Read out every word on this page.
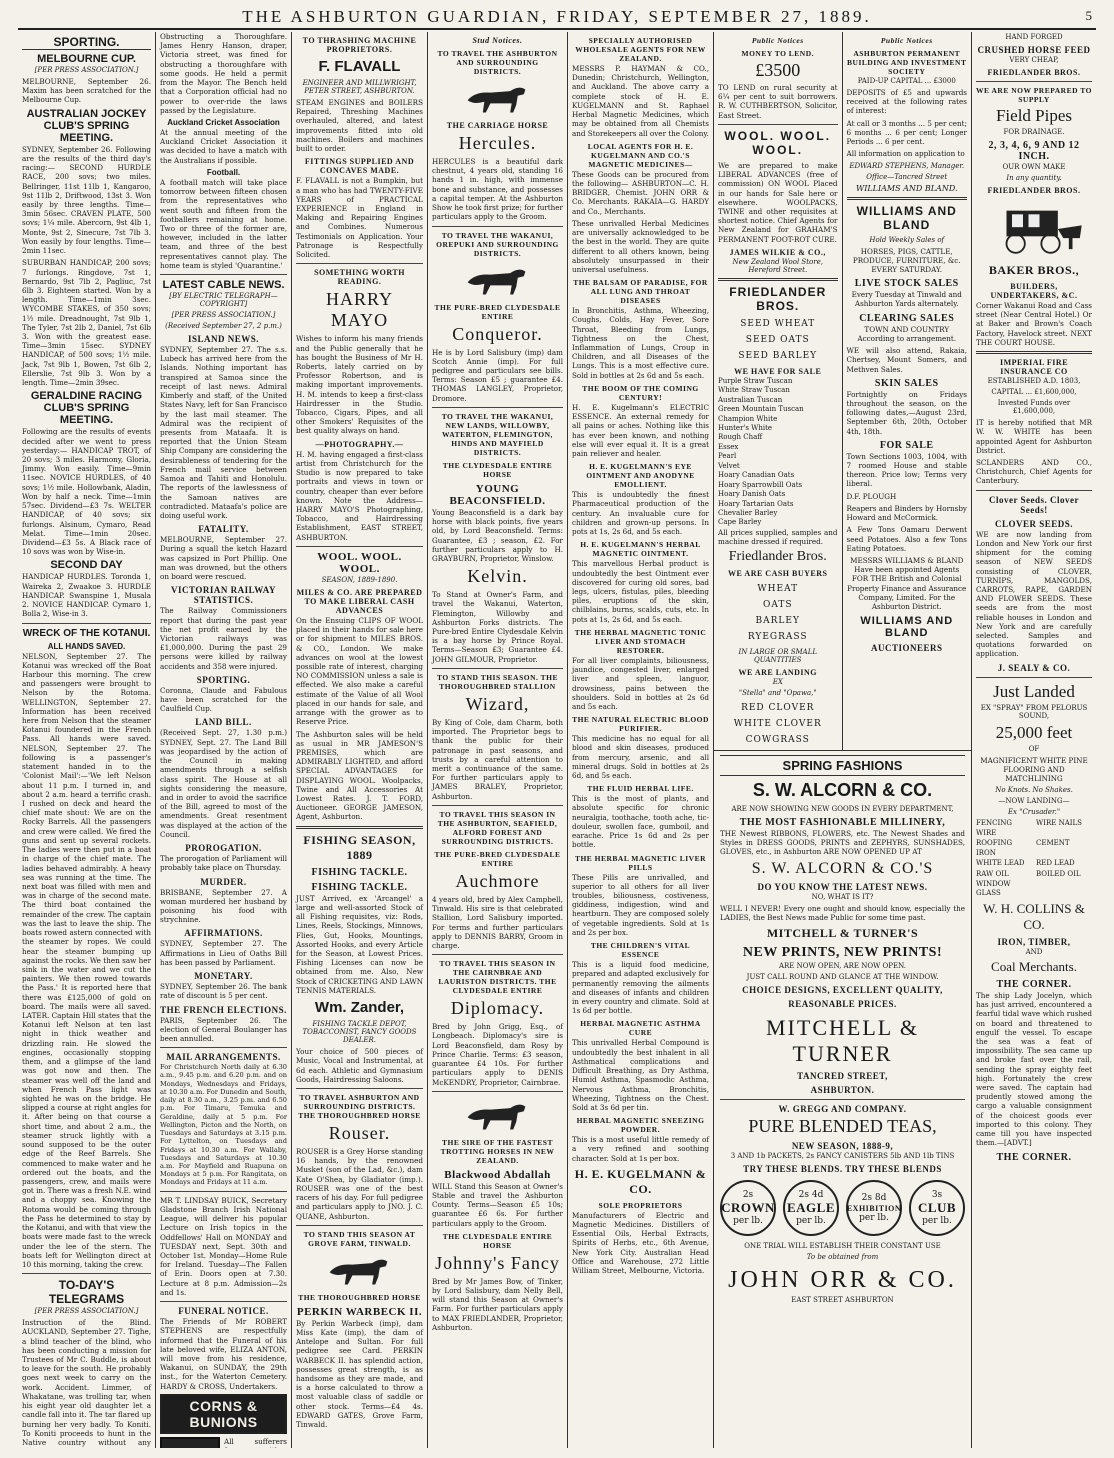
THE ASHBURTON GUARDIAN, FRIDAY, SEPTEMBER 27, 1889.	5
SPORTING.
MELBOURNE CUP.
[PER PRESS ASSOCIATION.]

MELBOURNE, September 26. Maxim has been scratched for the Melbourne Cup.

AUSTRALIAN JOCKEY CLUB'S SPRING MEETING.

SYDNEY, September 26. Following are the results of the third day's racing:— SECOND HURDLE RACE, 200 sovs; two miles. Bellringer, 11st 11lb 1, Kangaroo, 9st 11lb 2, Driftwood, 13st 3. Won easily by three lengths. Time—3min 56sec. CRAVEN PLATE, 500 sovs; 1¼ mile. Abercorn, 9st 4lb 1, Monte, 9st 2, Sinecure, 7st 7lb 3. Won easily by four lengths. Time—2min 11sec.

SUBURBAN HANDICAP, 200 sovs; 7 furlongs. Ringdove, 7st 1, Bernardo, 9st 7lb 2, Pagliuc, 7st 6lb 3. Eighteen started. Won by a length. Time—1min 3sec. WYCOMBE STAKES, of 350 sovs; 1½ mile. Dreadnought, 7st 9lb 1, The Tyler, 7st 2lb 2, Daniel, 7st 6lb 3. Won with the greatest ease. Time—3min 15sec. SYDNEY HANDICAP, of 500 sovs; 1½ mile. Jack, 7st 9lb 1, Bowen, 7st 6lb 2, Ellerslie, 7st 9lb 3. Won by a length. Time—2min 39sec.

GERALDINE RACING CLUB'S SPRING MEETING.

Following are the results of events decided after we went to press yesterday:— HANDICAP TROT, of 20 sovs; 3 miles. Harmony, Gloria, Jimmy. Won easily. Time—9min 11sec. NOVICE HURDLES, of 40 sovs; 1½ mile. Hollowbank, Aladin, Won by half a neck. Time—1min 57sec. Dividend—£3 7s. WELTER HANDICAP, of 40 sovs; six furlongs. Alsinum, Cymaro, Read Melat. Time—1min 20sec. Dividend—£3 5s. A Black race of 10 sovs was won by Wise-in.

SECOND DAY

HANDICAP HURDLES. Toronda 1, Waireka 2, Zwaakoe 3. HURDLE HANDICAP. Swanspine 1, Musala 2. NOVICE HANDICAP. Cymaro 1, Bolla 2, Wise-in 3.

WRECK OF THE KOTANUI.
ALL HANDS SAVED.

NELSON, September 27. The Kotanui was wrecked off the Boat Harbour this morning. The crew and passengers were brought to Nelson by the Rotoma. WELLINGTON, September 27. Information has been received here from Nelson that the steamer Kotanui foundered in the French Pass. All hands were saved. NELSON, September 27. The following is a passenger's statement handed in to the 'Colonist Mail':—'We left Nelson about 11 p.m. I turned in, and about 2 a.m. heard a terrific crash. I rushed on deck and heard the chief mate shout: We are on the Rocky Barrels. All the passengers and crew were called. We fired the guns and sent up several rockets. The ladies were then put in a boat in charge of the chief mate. The ladies behaved admirably. A heavy sea was running at the time. The next boat was filled with men and was in charge of the second mate. The third boat contained the remainder of the crew. The captain was the last to leave the ship. The boats rowed astern connected with the steamer by ropes. We could hear the steamer bumping up against the rocks. We then saw her sink in the water and we cut the painters. We then rowed towards the Pass.' It is reported here that there was £125,000 of gold on board. The mails were all saved. LATER. Captain Hill states that the Kotanui left Nelson at ten last night in thick weather and drizzling rain. He slowed the engines, occasionally stopping them, and a glimpse of the land was got now and then. The steamer was well off the land and when French Pass light was sighted he was on the bridge. He slipped a course at right angles for it. After being on that course a short time, and about 2 a.m., the steamer struck lightly with a sound supposed to be the outer edge of the Reef Barrels. She commenced to make water and he ordered out the boats, and the passengers, crew, and mails were got in. There was a fresh N.E. wind and a choppy sea. Knowing the Rotoma would be coming through the Pass he determined to stay by the Kotanui, and with that view the boats were made fast to the wreck under the lee of the stern. The boats left for Wellington direct at 10 this morning, taking the crew.

TO-DAY'S TELEGRAMS
[PER PRESS ASSOCIATION.]

Instruction of the Blind. AUCKLAND, September 27. Tighe, a blind teacher of the blind, who has been conducting a mission for Trustees of Mr C. Buddle, is about to leave for the south. He probably goes next week to carry on the work. Accident. Limmer, of Whakatane, was trolling tar, when his eight year old daughter let a candle fall into it. The tar flared up burning her very badly. To Koniti. To Koniti proceeds to hunt in the Native country without any

Obstructing a Thoroughfare. James Henry Hanson, draper, Victoria street, was fined for obstructing a thoroughfare with some goods. He held a permit from the Mayor. The Bench held that a Corporation official had no power to over-ride the laws passed by the Legislature.

Auckland Cricket Association

At the annual meeting of the Auckland Cricket Association it was decided to have a match with the Australians if possible.

Football.

A football match will take place tomorrow between fifteen chosen from the representatives who went south and fifteen from the footballers remaining at home. Two or three of the former are, however, included in the latter team, and three of the best representatives cannot play. The home team is styled 'Quarantine.'

LATEST CABLE NEWS.
[BY ELECTRIC TELEGRAPH—COPYRIGHT]
[PER PRESS ASSOCIATION.]
(Received September 27, 2 p.m.)
ISLAND NEWS.

SYDNEY, September 27. The s.s. Lubeck has arrived here from the Islands. Nothing important has transpired at Samoa since the receipt of last news. Admiral Kimberly and staff, of the United States Navy, left for San Francisco by the last mail steamer. The Admiral was the recipient of presents from Mataafa. It is reported that the Union Steam Ship Company are considering the desirableness of tendering for the French mail service between Samoa and Tahiti and Honolulu. The reports of the lawlessness of the Samoan natives are contradicted. Mataafa's police are doing useful work.

FATALITY.

MELBOURNE, September 27. During a squall the ketch Hazard was capsized in Port Phillip. One man was drowned, but the others on board were rescued.

VICTORIAN RAILWAY STATISTICS.

The Railway Commissioners report that during the past year the net profit earned by the Victorian railways was £1,000,000. During the past 29 persons were killed by railway accidents and 358 were injured.

SPORTING.

Coronna, Claude and Fabulous have been scratched for the Caulfield Cup.

LAND BILL.

(Received Sept. 27, 1.30 p.m.) SYDNEY, Sept. 27. The Land Bill was jeopardised by the action of the Council in making amendments through a selfish class spirit. The House at all sights considering the measure, and in order to avoid the sacrifice of the Bill, agreed to most of the amendments. Great resentment was displayed at the action of the Council.

PROROGATION.

The prorogation of Parliament will probably take place on Thursday.

MURDER.

BRISBANE, September 27. A woman murdered her husband by poisoning his food with strychnine.

AFFIRMATIONS.

SYDNEY, September 27. The Affirmations in Lieu of Oaths Bill has been passed by Parliament.

MONETARY.

SYDNEY, September 26. The bank rate of discount is 5 per cent.

THE FRENCH ELECTIONS.

PARIS, September 26. The election of General Boulanger has been annulled.

MAIL ARRANGEMENTS.

For Christchurch North daily at 6.30 a.m., 9.45 p.m. and 6.20 p.m. and on Mondays, Wednesdays and Fridays, at 10.30 a.m. For Dunedin and South, daily at 8.30 a.m., 3.25 p.m. and 6.50 p.m. For Timaru, Temuka and Geraldine, daily at 5 p.m. For Wellington, Picton and the North, on Tuesdays and Saturdays at 3.15 p.m. For Lyttelton, on Tuesdays and Fridays at 10.30 a.m. For Wallaby, Tuesdays and Saturdays at 10.30 a.m. For Mayfield and Ruapuna on Mondays at 5 p.m. For Rangitata, on Mondays and Fridays at 11 a.m.

MR T. LINDSAY BUICK, Secretary Gladstone Branch Irish National League, will deliver his popular Lecture on Irish topics in the Oddfellows' Hall on MONDAY and TUESDAY next, Sept. 30th and October 1st. Monday—Home Rule for Ireland. Tuesday—The Fallen of Erin. Doors open at 7.30. Lecture at 8 p.m. Admission—2s and 1s.

FUNERAL NOTICE.

The Friends of Mr ROBERT STEPHENS are respectfully informed that the Funeral of his late beloved wife, ELIZA ANTON, will move from his residence, Wakanui, on SUNDAY, the 29th inst., for the Waterton Cemetery. HARDY & CROSS, Undertakers.

CORNS & BUNIONS

All sufferers

TO THRASHING MACHINE PROPRIETORS.
F. FLAVALL
ENGINEER AND MILLWRIGHT, PETER STREET, ASHBURTON.

STEAM ENGINES and BOILERS Repaired, Threshing Machines overhauled, altered, and latest improvements fitted into old machines. Boilers and machines built to order.

FITTINGS SUPPLIED AND CONCAVES MADE.

F. FLAVALL is not a Bumpkin, but a man who has had TWENTY-FIVE YEARS of PRACTICAL EXPERIENCE in England in Making and Repairing Engines and Combines. Numerous Testimonials on Application. Your Patronage is Respectfully Solicited.

SOMETHING WORTH READING.
HARRY MAYO

Wishes to inform his many friends and the Public generally that he has bought the Business of Mr H. Roberts, lately carried on by Professor Robertson, and is making important improvements. H. M. intends to keep a first-class Hairdresser in the Studio. Tobacco, Cigars, Pipes, and all other Smokers' Requisites of the best quality always on hand.

—PHOTOGRAPHY.—

H. M. having engaged a first-class artist from Christchurch for the Studio is now prepared to take portraits and views in town or country, cheaper than ever before known. Note the Address— HARRY MAYO'S Photographing, Tobacco, and Hairdressing Establishment, EAST STREET, ASHBURTON.

WOOL. WOOL. WOOL.
SEASON, 1889-1890.
MILES & CO. ARE PREPARED TO MAKE LIBERAL CASH ADVANCES

On the Ensuing CLIPS OF WOOL placed in their hands for sale here or for shipment to MILES BROS. & CO., London. We make advances on wool at the lowest possible rate of interest, charging NO COMMISSION unless a sale is effected. We also make a careful estimate of the Value of all Wool placed in our hands for sale, and arrange with the grower as to Reserve Price.

The Ashburton sales will be held as usual in MR JAMESON'S PREMISES, which are ADMIRABLY LIGHTED, and afford SPECIAL ADVANTAGES for DISPLAYING WOOL. Woolpacks, Twine and All Accessories At Lowest Rates. J. T. FORD, Auctioneer. GEORGE JAMESON, Agent, Ashburton.

FISHING SEASON, 1889
FISHING TACKLE.
FISHING TACKLE.

JUST Arrived, ex 'Arcangel' a large and well-assorted Stock of all Fishing requisites, viz: Rods, Lines, Reels, Stockings, Minnows, Flies, Gut, Hooks, Mountings, Assorted Hooks, and every Article for the Season, at Lowest Prices. Fishing Licenses can now be obtained from me. Also, New Stock of CRICKETING AND LAWN TENNIS MATERIALS.

Wm. Zander,
FISHING TACKLE DEPOT, TOBACCONIST, FANCY GOODS DEALER.

Your choice of 500 pieces of Music, Vocal and Instrumental, at 6d each. Athletic and Gymnasium Goods, Hairdressing Saloons.

TO TRAVEL ASHBURTON AND SURROUNDING DISTRICTS. THE THOROUGHBRED HORSE
Rouser.

ROUSER is a Grey Horse standing 16 hands, by the renowned Musket (son of the Lad, &c.), dam Kate O'Shea, by Gladiator (imp.). ROUSER was one of the best racers of his day. For full pedigree and particulars apply to JNO. J. C. QUANE, Ashburton.

TO STAND THIS SEASON AT GROVE FARM, TINWALD.
THE THOROUGHBRED HORSE
PERKIN WARBECK II.

By Perkin Warbeck (imp), dam Miss Kate (imp), the dam of Antelope and Sultan. For full pedigree see Card. PERKIN WARBECK II. has splendid action, possesses great strength, is as handsome as they are made, and is a horse calculated to throw a most valuable class of saddle or other stock. Terms—£4 4s. EDWARD GATES, Grove Farm, Tinwald.

Stud Notices.
TO TRAVEL THE ASHBURTON AND SURROUNDING DISTRICTS.
THE CARRIAGE HORSE
Hercules.

HERCULES is a beautiful dark chestnut, 4 years old, standing 16 hands 1 in. high, with immense bone and substance, and possesses a capital temper. At the Ashburton Show he took first prize; for further particulars apply to the Groom.

TO TRAVEL THE WAKANUI, OREPUKI AND SURROUNDING DISTRICTS.
THE PURE-BRED CLYDESDALE ENTIRE
Conqueror.

He is by Lord Salisbury (imp) dam Scotch Annie (imp). For full pedigree and particulars see bills. Terms: Season £5 ; guarantee £4. THOMAS LANGLEY, Proprietor, Dromore.

TO TRAVEL THE WAKANUI, NEW LANDS, WILLOWBY, WATERTON, FLEMINGTON, HINDS AND MAYFIELD DISTRICTS.
THE CLYDESDALE ENTIRE HORSE
YOUNG BEACONSFIELD.

Young Beaconsfield is a dark bay horse with black points, five years old, by Lord Beaconsfield. Terms: Guarantee, £3 ; season, £2. For further particulars apply to H. GRAYBURN, Proprietor, Winslow.

Kelvin.

To Stand at Owner's Farm, and travel the Wakanui, Waterton, Flemington, Willowby and Ashburton Forks districts. The Pure-bred Entire Clydesdale Kelvin is a bay horse by Prince Royal. Terms—Season £3; Guarantee £4. JOHN GILMOUR, Proprietor.

TO STAND THIS SEASON. THE THOROUGHBRED STALLION
Wizard,

By King of Cole, dam Charm, both imported. The Proprietor begs to thank the public for their patronage in past seasons, and trusts by a careful attention to merit a continuance of the same. For further particulars apply to JAMES BRALEY, Proprietor, Ashburton.

TO TRAVEL THIS SEASON IN THE ASHBURTON, SEAFIELD, ALFORD FOREST AND SURROUNDING DISTRICTS.
THE PURE-BRED CLYDESDALE ENTIRE
Auchmore

4 years old, bred by Alex Campbell, Tinwald. His sire is that celebrated Stallion, Lord Salisbury imported. For terms and further particulars apply to DENNIS BARRY, Groom in charge.

TO TRAVEL THIS SEASON IN THE CAIRNBRAE AND LAURISTON DISTRICTS. THE CLYDESDALE ENTIRE
Diplomacy.

Bred by John Grigg, Esq., of Longbeach. Diplomacy's sire is Lord Beaconsfield, dam Rosy by Prince Charlie. Terms: £3 season, guarantee £4 10s. For further particulars apply to DENIS McKENDRY, Proprietor, Cairnbrae.

THE SIRE OF THE FASTEST TROTTING HORSES IN NEW ZEALAND.
Blackwood Abdallah

WILL Stand this Season at Owner's Stable and travel the Ashburton County. Terms—Season £5 10s; guarantee £6 6s. For further particulars apply to the Groom.

THE CLYDESDALE ENTIRE HORSE
Johnny's Fancy

Bred by Mr James Bow, of Tinker, by Lord Salisbury, dam Nelly Bell, will stand this Season at Owner's Farm. For further particulars apply to MAX FRIEDLANDER, Proprietor, Ashburton.

SPECIALLY AUTHORISED WHOLESALE AGENTS FOR NEW ZEALAND.

MESSRS P. HAYMAN & CO., Dunedin; Christchurch, Wellington, and Auckland. The above carry a complete stock of H. E. KUGELMANN and St. Raphael Herbal Magnetic Medicines, which may be obtained from all Chemists and Storekeepers all over the Colony.

LOCAL AGENTS FOR H. E. KUGELMANN AND CO.'S MAGNETIC MEDICINES—

These Goods can be procured from the following— ASHBURTON—C. H. BRIDGER, Chemist. JOHN ORR & Co. Merchants. RAKAIA—G. HARDY and Co., Merchants.

These unrivalled Herbal Medicines are universally acknowledged to be the best in the world. They are quite different to all others known, being absolutely unsurpassed in their universal usefulness.

THE BALSAM OF PARADISE, FOR ALL LUNG AND THROAT DISEASES

In Bronchitis, Asthma, Wheezing, Coughs, Colds, Hay Fever, Sore Throat, Bleeding from Lungs, Tightness on the Chest, Inflammation of Lungs, Croup in Children, and all Diseases of the Lungs. This is a most effective cure. Sold in bottles at 2s 6d and 5s each.

THE BOOM OF THE COMING CENTURY!

H. E. Kugelmann's ELECTRIC ESSENCE. An external remedy for all pains or aches. Nothing like this has ever been known, and nothing else will ever equal it. It is a great pain reliever and healer.

H. E. KUGELMANN'S EYE OINTMENT AND ANODYNE EMOLLIENT.

This is undoubtedly the finest Pharmaceutical production of the century. An invaluable cure for children and grown-up persons. In pots at 1s, 2s 6d, and 5s each.

H. E. KUGELMANN'S HERBAL MAGNETIC OINTMENT.

This marvellous Herbal product is undoubtedly the best Ointment ever discovered for curing old sores, bad legs, ulcers, fistulas, piles, bleeding piles, eruptions of the skin, chilblains, burns, scalds, cuts, etc. In pots at 1s, 2s 6d, and 5s each.

THE HERBAL MAGNETIC TONIC LIVER AND STOMACH RESTORER.

For all liver complaints, biliousness, jaundice, congested liver, enlarged liver and spleen, languor, drowsiness, pains between the shoulders. Sold in bottles at 2s 6d and 5s each.

THE NATURAL ELECTRIC BLOOD PURIFIER.

This medicine has no equal for all blood and skin diseases, produced from mercury, arsenic, and all mineral drugs. Sold in bottles at 2s 6d, and 5s each.

THE FLUID HERBAL LIFE.

This is the most of plants, and absolute specific for chronic neuralgia, toothache, tooth ache, tic-douleur, swollen face, gumboil, and earache. Price 1s 6d and 2s per bottle.

THE HERBAL MAGNETIC LIVER PILLS

These Pills are unrivalled, and superior to all others for all liver troubles, biliousness, costiveness, giddiness, indigestion, wind and heartburn. They are composed solely of vegetable ingredients. Sold at 1s and 2s per box.

THE CHILDREN'S VITAL ESSENCE

This is a liquid food medicine, prepared and adapted exclusively for permanently removing the ailments and diseases of infants and children in every country and climate. Sold at 1s 6d per bottle.

HERBAL MAGNETIC ASTHMA CURE

This unrivalled Herbal Compound is undoubtedly the best inhalent in all Asthmatical complications and Difficult Breathing, as Dry Asthma, Humid Asthma, Spasmodic Asthma, Nervous Asthma, Bronchitis, Wheezing, Tightness on the Chest. Sold at 3s 6d per tin.

HERBAL MAGNETIC SNEEZING POWDER.

This is a most useful little remedy of a very refined and soothing character. Sold at 1s per box.

H. E. KUGELMANN & CO.
SOLE PROPRIETORS

Manufacturers of Electric and Magnetic Medicines. Distillers of Essential Oils, Herbal Extracts, Spirits of Herbs, etc., 6th Avenue, New York City. Australian Head Office and Warehouse, 272 Little William Street, Melbourne, Victoria.

Public Notices
MONEY TO LEND.
£3500

TO LEND on rural security at 6¼ per cent to suit borrowers. R. W. CUTHBERTSON, Solicitor, East Street.

WOOL. WOOL. WOOL.

We are prepared to make LIBERAL ADVANCES (free of commission) ON WOOL Placed in our hands for Sale here or elsewhere. WOOLPACKS, TWINE and other requisites at shortest notice. Chief Agents for New Zealand for GRAHAM'S PERMANENT FOOT-ROT CURE.

JAMES WILKIE & CO.,
New Zealand Wool Store, Hereford Street.
FRIEDLANDER BROS.
SEED WHEAT
SEED OATS
SEED BARLEY
WE HAVE FOR SALE
Purple Straw Tuscan
White Straw Tuscan
Australian Tuscan
Green Mountain Tuscan
Champion White
Hunter's White
Rough Chaff
Essex
Pearl
Velvet
Hoary Canadian Oats
Hoary Sparrowbill Oats
Hoary Danish Oats
Hoary Tartarian Oats
Chevalier Barley
Cape Barley

All prices supplied, samples and machine dressed if required.

Friedlander Bros.
WE ARE CASH BUYERS
WHEAT
OATS
BARLEY
RYEGRASS
IN LARGE OR SMALL QUANTITIES
WE ARE LANDING
EX
"Stella" and "Opawa,"
RED CLOVER
WHITE CLOVER
COWGRASS
Public Notices
ASHBURTON PERMANENT BUILDING AND INVESTMENT SOCIETY
PAID-UP CAPITAL ... £3000

DEPOSITS of £5 and upwards received at the following rates of interest:

At call or 3 months ... 5 per cent; 6 months ... 6 per cent; Longer Periods ... 6 per cent.

All information on application to

EDWARD STEPHENS, Manager.
Office—Tancred Street
WILLIAMS AND BLAND.
WILLIAMS AND BLAND
Hold Weekly Sales of

HORSES, PIGS, CATTLE, PRODUCE, FURNITURE, &c. EVERY SATURDAY.

LIVE STOCK SALES

Every Tuesday at Tinwald and Ashburton Yards alternately.

CLEARING SALES

TOWN AND COUNTRY According to arrangement.

WE will also attend, Rakaia, Chertsey, Mount Somers, and Methven Sales.

SKIN SALES

Fortnightly on Fridays throughout the season, on the following dates,—August 23rd, September 6th, 20th, October 4th, 18th.

FOR SALE

Town Sections 1003, 1004, with 7 roomed House and stable thereon. Price low; Terms very liberal.

D.F. PLOUGH

Reapers and Binders by Hornsby Howard and McCormick.

A Few Tons Oamaru Derwent seed Potatoes. Also a few Tons Eating Potatoes.

MESSRS WILLIAMS & BLAND Have been appointed Agents FOR THE British and Colonial Property Finance and Assurance Company, Limited. For the Ashburton District.

WILLIAMS AND BLAND
AUCTIONEERS
SPRING FASHIONS
S. W. ALCORN & CO.
ARE NOW SHOWING NEW GOODS IN EVERY DEPARTMENT,
THE MOST FASHIONABLE MILLINERY,

THE Newest RIBBONS, FLOWERS, etc. The Newest Shades and Styles in DRESS GOODS, PRINTS and ZEPHYRS, SUNSHADES, GLOVES, etc., in Ashburton ARE NOW OPENED UP AT

S. W. ALCORN & CO.'S
DO YOU KNOW THE LATEST NEWS.
NO, WHAT IS IT?

WELL I NEVER! Every one ought and should know, especially the LADIES, the Best News made Public for some time past.

MITCHELL & TURNER'S
NEW PRINTS, NEW PRINTS!
ARE NOW OPEN, ARE NOW OPEN.
JUST CALL ROUND AND GLANCE AT THE WINDOW.
CHOICE DESIGNS, EXCELLENT QUALITY,
REASONABLE PRICES.
MITCHELL & TURNER
TANCRED STREET,
ASHBURTON.
W. GREGG AND COMPANY.
PURE BLENDED TEAS,
NEW SEASON, 1888-9,
3 AND 1b PACKETS, 2s FANCY CANISTERS 5lb AND 1lb TINS
TRY THESE BLENDS. TRY THESE BLENDS
2s
CROWN
per lb.
2s 4d
EAGLE
per lb.
2s 8d
EXHIBITION
per lb.
3s
CLUB
per lb.
ONE TRIAL WILL ESTABLISH THEIR CONSTANT USE
To be obtained from
JOHN ORR & CO.
EAST STREET ASHBURTON
HAND FORGED
CRUSHED HORSE FEED
VERY CHEAP,
FRIEDLANDER BROS.
WE ARE NOW PREPARED TO SUPPLY
Field Pipes
FOR DRAINAGE.
2, 3, 4, 6, 9 AND 12 INCH.
OUR OWN MAKE
In any quantity.
FRIEDLANDER BROS.
BAKER BROS.,
BUILDERS, UNDERTAKERS, &C.

Corner Wakanui Road and Cass street (Near Central Hotel.) Or at Baker and Brown's Coach Factory, Havelock street. NEXT THE COURT HOUSE.

IMPERIAL FIRE INSURANCE CO
ESTABLISHED A.D. 1803,
CAPITAL ... £1,600,000,
Invested Funds over £1,600,000,

IT is hereby notified that MR W. W. WHITE has been appointed Agent for Ashburton District.

SCLANDERS AND CO., Christchurch, Chief Agents for Canterbury.

Clover Seeds. Clover Seeds!
CLOVER SEEDS.

WE are now landing from London and New York our first shipment for the coming season of NEW SEEDS consisting of CLOVER, TURNIPS, MANGOLDS, CARROTS, RAPE, GARDEN AND FLOWER SEEDS. These seeds are from the most reliable houses in London and New York and are carefully selected. Samples and quotations forwarded on application.

J. SEALY & CO.
Just Landed
EX "SPRAY" FROM PELORUS SOUND,
25,000 feet
OF

MAGNIFICENT WHITE PINE FLOORING AND MATCHLINING

No Knots. No Shakes.
—NOW LANDING—
Ex "Crusader."
FENCING WIRE
WIRE NAILS
ROOFING IRON
CEMENT
WHITE LEAD	RED LEAD
RAW OIL	BOILED OIL
WINDOW GLASS
W. H. COLLINS & CO.
IRON, TIMBER,
AND
Coal Merchants.
THE CORNER.

The ship Lady Jocelyn, which has just arrived, encountered a fearful tidal wave which rushed on board and threatened to engulf the vessel. To escape the sea was a feat of impossibility. The sea came up and broke fast over the rail, sending the spray eighty feet high. Fortunately the crew were saved. The captain had prudently stowed among the cargo a valuable consignment of the choicest goods ever imported to this colony. They came till you have inspected them.—[ADVT.]

THE CORNER.
